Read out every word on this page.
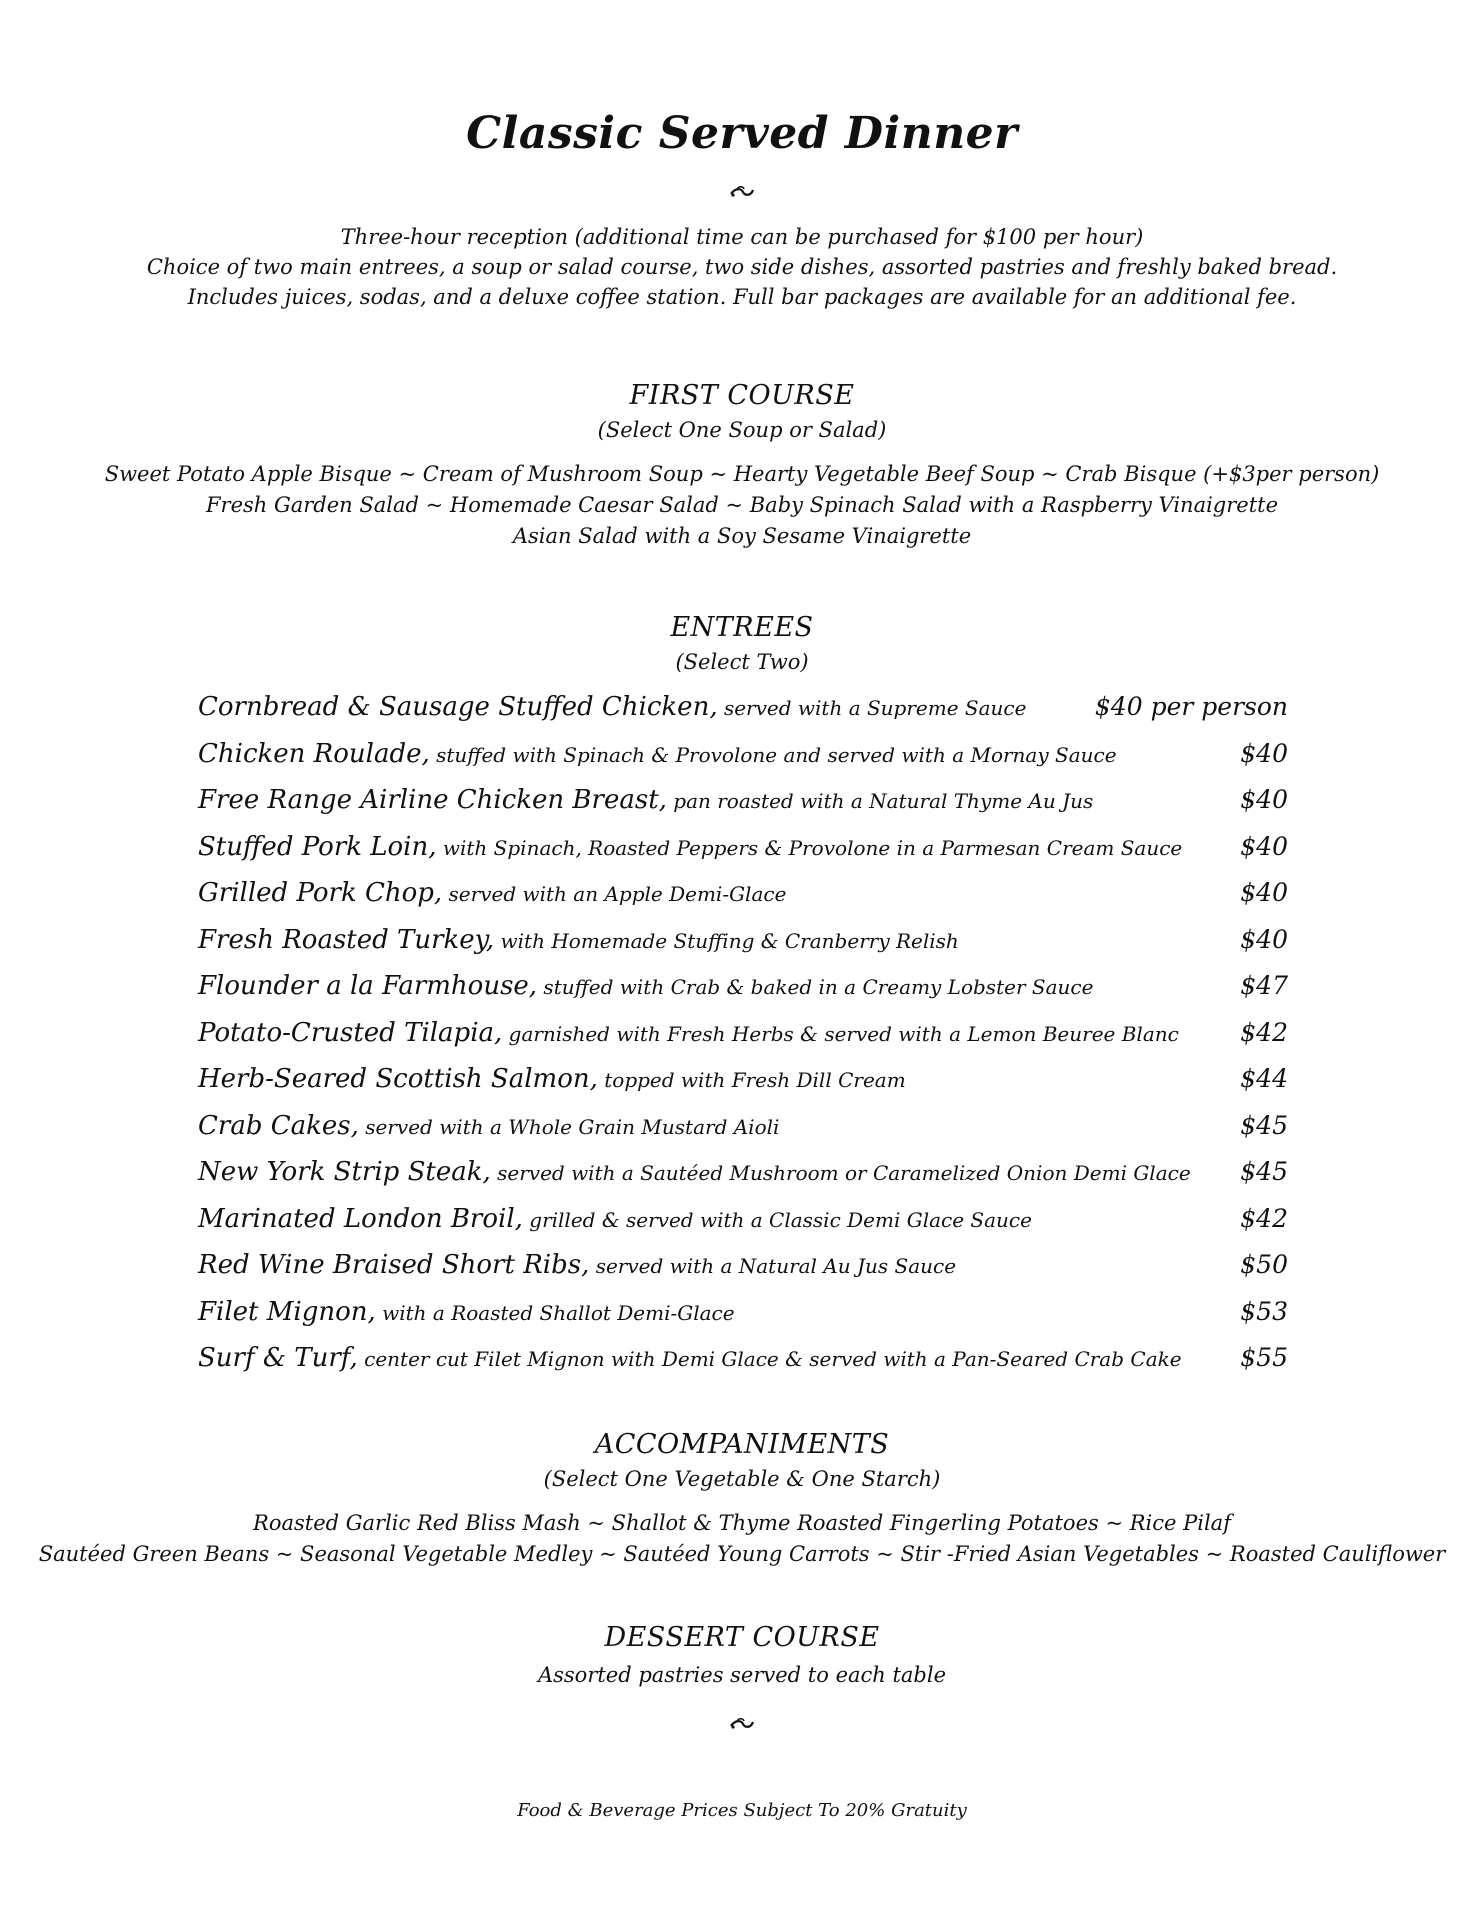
Classic Served Dinner
Three-hour reception (additional time can be purchased for $100 per hour)
Choice of two main entrees, a soup or salad course, two side dishes, assorted pastries and freshly baked bread.
Includes juices, sodas, and a deluxe coffee station. Full bar packages are available for an additional fee.
FIRST COURSE
(Select One Soup or Salad)
Sweet Potato Apple Bisque ~ Cream of Mushroom Soup ~ Hearty Vegetable Beef Soup ~ Crab Bisque (+$3per person)
Fresh Garden Salad ~ Homemade Caesar Salad ~ Baby Spinach Salad with a Raspberry Vinaigrette
Asian Salad with a Soy Sesame Vinaigrette
ENTREES
(Select Two)
Cornbread & Sausage Stuffed Chicken, served with a Supreme Sauce	$40 per person
Chicken Roulade, stuffed with Spinach & Provolone and served with a Mornay Sauce	$40
Free Range Airline Chicken Breast, pan roasted with a Natural Thyme Au Jus	$40
Stuffed Pork Loin, with Spinach, Roasted Peppers & Provolone in a Parmesan Cream Sauce $40
Grilled Pork Chop, served with an Apple Demi-Glace	$40
Fresh Roasted Turkey, with Homemade Stuffing & Cranberry Relish	$40
Flounder a la Farmhouse, stuffed with Crab & baked in a Creamy Lobster Sauce	$47
Potato-Crusted Tilapia, garnished with Fresh Herbs & served with a Lemon Beuree Blanc $42
Herb-Seared Scottish Salmon, topped with Fresh Dill Cream	$44
Crab Cakes, served with a Whole Grain Mustard Aioli	$45
New York Strip Steak, served with a Sautéed Mushroom or Caramelized Onion Demi Glace $45
Marinated London Broil, grilled & served with a Classic Demi Glace Sauce	$42
Red Wine Braised Short Ribs, served with a Natural Au Jus Sauce	$50
Filet Mignon, with a Roasted Shallot Demi-Glace	$53
Surf & Turf, center cut Filet Mignon with Demi Glace & served with a Pan-Seared Crab Cake $55
ACCOMPANIMENTS
(Select One Vegetable & One Starch)
Roasted Garlic Red Bliss Mash ~ Shallot & Thyme Roasted Fingerling Potatoes ~ Rice Pilaf
Sautéed Green Beans ~ Seasonal Vegetable Medley ~ Sautéed Young Carrots ~ Stir -Fried Asian Vegetables ~ Roasted Cauliflower
DESSERT COURSE
Assorted pastries served to each table
Food & Beverage Prices Subject To 20% Gratuity
